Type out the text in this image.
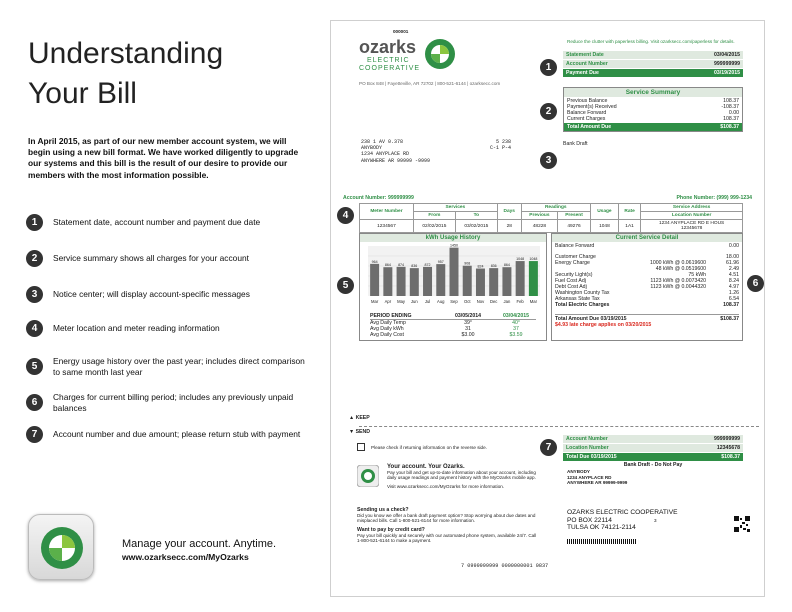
Understanding Your Bill

In April 2015, as part of our new member account system, we will begin using a new bill format. We have worked diligently to upgrade our systems and this bill is the result of our desire to provide our members with the most information possible.

1	Statement date, account number and payment due date
2	Service summary shows all charges for your account
3	Notice center; will display account-specific messages
4	Meter location and meter reading information
5	Energy usage history over the past year; includes direct comparison to same month last year
6	Charges for current billing period; includes any previously unpaid balances
7	Account number and due amount; please return stub with payment
Manage your account. Anytime.
www.ozarksecc.com/MyOzarks
000001
ozarks
ELECTRIC
COOPERATIVE
PO Box 848 | Fayetteville, AR 72702 | 800-521-6144 | ozarksecc.com
Reduce the clutter with paperless billing. Visit ozarksecc.com/paperless for details.
Statement Date	03/04/2015
Account Number	999999999
Payment Due	03/19/2015
1
Service Summary
Previous Balance	108.37
Payment(s) Received	-108.37
Balance Forward	0.00
Current Charges	108.37
Total Amount Due	$108.37
2
Bank Draft
3
238 1 AV 0.378	5 238
ANYBODY	C-1 P-4
1234 ANYPLACE RD
ANYWHERE AR 99999 -9999
Account Number: 999999999	Phone Number: (999) 999-1234
Meter Number	Services		Days	Readings		Usage	Rate	Service Address
	From	To		Previous	Present			Location Number
1234567	02/02/2015	03/02/2015	28	48228	49276	1048	1A1	1234 ANYPLACE RD E HOUS
12345678
4
kWh Usage History
964
Mar
864
Apr
874
May
836
Jun
872
Jul
957
Aug
1450
Sep
908
Oct
824
Nov
836
Dec
864
Jan
1048
Feb
1048
Mar
PERIOD ENDING	03/05/2014	03/04/2015
Avg Daily Temp	39°	40°
Avg Daily kWh	31	37
Avg Daily Cost	$3.00	$3.59
5
Current Service Detail
Balance Forward	0.00
Customer Charge	18.00
Energy Charge	1000 kWh @ 0.0619600	61.96
48 kWh @ 0.0519600	2.49
Security Light(s)	75 kWh	4.51
Fuel Cost Adj	1123 kWh @ 0.0073420	8.24
Debt Cost Adj	1123 kWh @ 0.0044320	4.97
Washington County Tax	1.26
Arkansas State Tax	6.54
Total Electric Charges	108.37
Total Amount Due 03/19/2015	$108.37
$4.93 late charge applies on 03/20/2015
6
▲ KEEP
▼ SEND
Please check if returning information on the reverse side.
Account Number	999999999
Location Number	12345678
Total Due 03/19/2015	$108.37
Bank Draft - Do Not Pay
7
Your account. Your Ozarks.
Pay your bill and get up-to-date information about your account, including daily usage readings and payment history with the MyOzarks mobile app.
Visit www.ozarksecc.com/MyOzarks for more information.
ANYBODY
1234 ANYPLACE RD
ANYWHERE AR 99999-9999
Sending us a check?
Did you know we offer a bank draft payment option? Stop worrying about due dates and misplaced bills. Call 1-800-521-6144 for more information.
Want to pay by credit card?
Pay your bill quickly and securely with our automated phone system, available 24/7. Call 1-800-521-6144 to make a payment.
OZARKS ELECTRIC COOPERATIVE
PO BOX 22114	3
TULSA OK 74121-2114
7 0999999999 0000000001 0837
